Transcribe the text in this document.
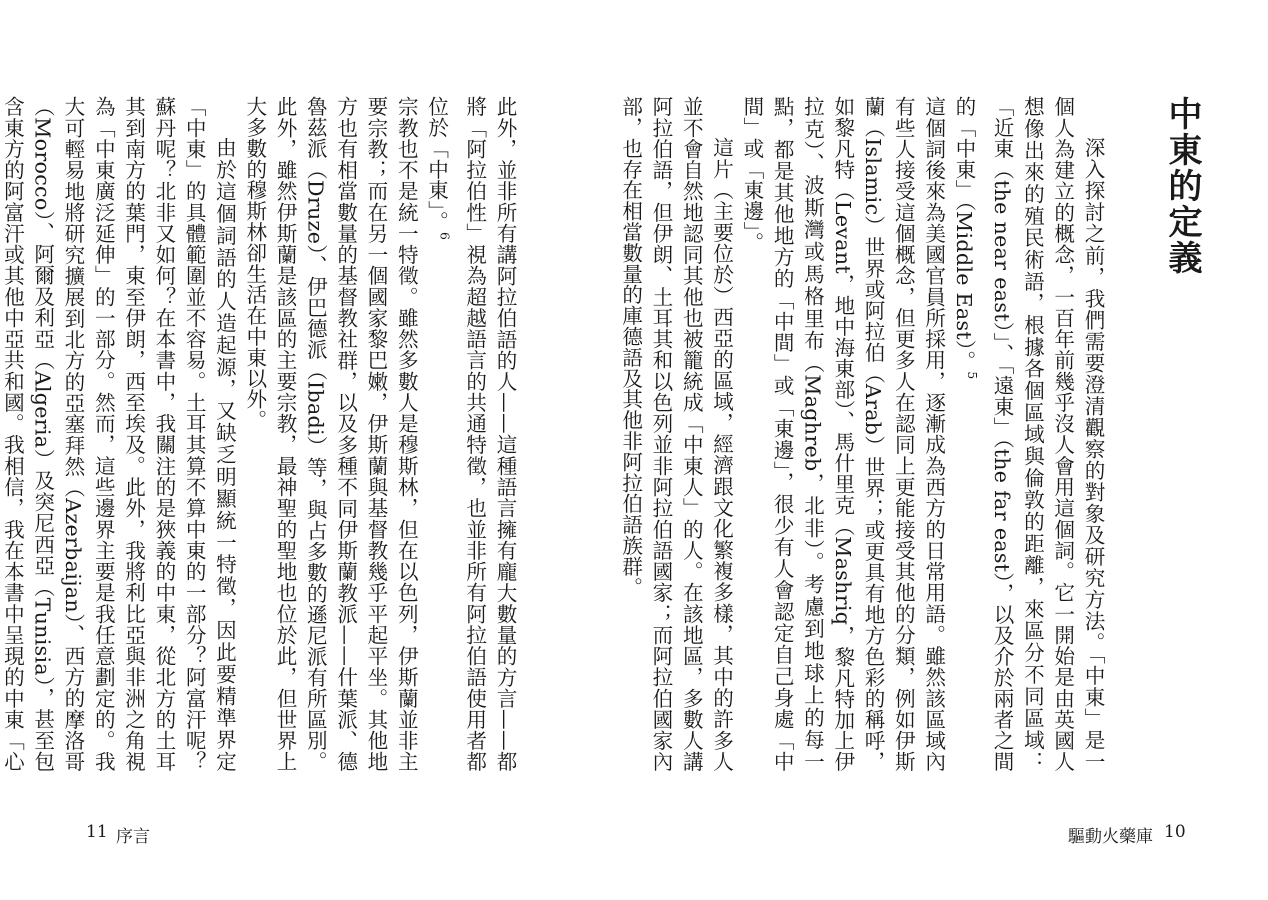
此外，並非所有講阿拉伯語的人——這種語言擁有龐大數量的方言——都將「阿拉伯性」視為超越語言的共通特徵，也並非所有阿拉伯語使用者都位於「中東」。$^6$

宗教也不是統一特徵。雖然多數人是穆斯林，但在以色列，伊斯蘭並非主要宗教；而在另一個國家黎巴嫩，伊斯蘭與基督教幾乎平起平坐。其他地方也有相當數量的基督教社群，以及多種不同伊斯蘭教派——什葉派、德魯茲派（Druze）、伊巴德派（Ibadi）等，與占多數的遜尼派有所區別。此外，雖然伊斯蘭是該區的主要宗教，最神聖的聖地也位於此，但世界上大多數的穆斯林卻生活在中東以外。

由於這個詞語的人造起源，又缺乏明顯統一特徵，因此要精準界定「中東」的具體範圍並不容易。土耳其算不算中東的一部分？阿富汗呢？蘇丹呢？北非又如何？在本書中，我關注的是狹義的中東，從北方的土耳其到南方的葉門，東至伊朗，西至埃及。此外，我將利比亞與非洲之角視為「中東廣泛延伸」的一部分。然而，這些邊界主要是我任意劃定的。我大可輕易地將研究擴展到北方的亞塞拜然（Azerbaijan）、西方的摩洛哥（Morocco）、阿爾及利亞（Algeria）及突尼西亞（Tunisia），甚至包含東方的阿富汗或其他中亞共和國。我相信，我在本書中呈現的中東「心

11 序言
中東的定義

深入探討之前，我們需要澄清觀察的對象及研究方法。「中東」是一個人為建立的概念，一百年前幾乎沒人會用這個詞。它一開始是由英國人想像出來的殖民術語，根據各個區域與倫敦的距離，來區分不同區域：「近東（the near east）」、「遠東」（the far east），以及介於兩者之間的「中東」（Middle East）。$^5$

這個詞後來為美國官員所採用，逐漸成為西方的日常用語。雖然該區域內有些人接受這個概念，但更多人在認同上更能接受其他的分類，例如伊斯蘭（Islamic）世界或阿拉伯（Arab）世界；或更具有地方色彩的稱呼，如黎凡特（Levant，地中海東部）、馬什里克（Mashriq，黎凡特加上伊拉克）、波斯灣或馬格里布（Maghreb，北非）。考慮到地球上的每一點，都是其他地方的「中間」或「東邊」，很少有人會認定自己身處「中間」或「東邊」。

這片（主要位於）西亞的區域，經濟跟文化繁複多樣，其中的許多人並不會自然地認同其他也被籠統成「中東人」的人。在該地區，多數人講阿拉伯語，但伊朗、土耳其和以色列並非阿拉伯語國家；而阿拉伯國家內部，也存在相當數量的庫德語及其他非阿拉伯語族群。

驅動火藥庫 10
